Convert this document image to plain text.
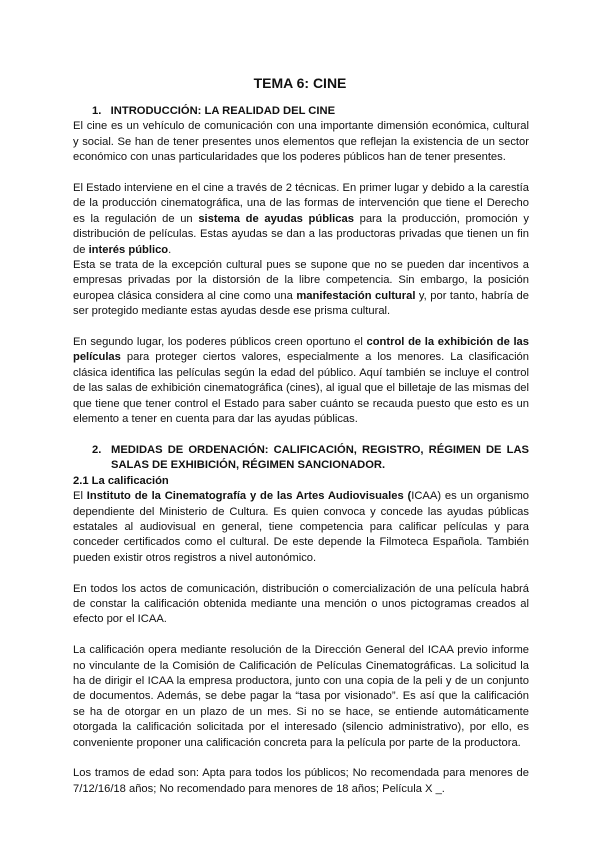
TEMA 6: CINE

1. INTRODUCCIÓN: LA REALIDAD DEL CINE

El cine es un vehículo de comunicación con una importante dimensión económica, cultural y social. Se han de tener presentes unos elementos que reflejan la existencia de un sector económico con unas particularidades que los poderes públicos han de tener presentes.

El Estado interviene en el cine a través de 2 técnicas. En primer lugar y debido a la carestía de la producción cinematográfica, una de las formas de intervención que tiene el Derecho es la regulación de un sistema de ayudas públicas para la producción, promoción y distribución de películas. Estas ayudas se dan a las productoras privadas que tienen un fin de interés público.

Esta se trata de la excepción cultural pues se supone que no se pueden dar incentivos a empresas privadas por la distorsión de la libre competencia. Sin embargo, la posición europea clásica considera al cine como una manifestación cultural y, por tanto, habría de ser protegido mediante estas ayudas desde ese prisma cultural.

En segundo lugar, los poderes públicos creen oportuno el control de la exhibición de las películas para proteger ciertos valores, especialmente a los menores. La clasificación clásica identifica las películas según la edad del público. Aquí también se incluye el control de las salas de exhibición cinematográfica (cines), al igual que el billetaje de las mismas del que tiene que tener control el Estado para saber cuánto se recauda puesto que esto es un elemento a tener en cuenta para dar las ayudas públicas.

2. MEDIDAS DE ORDENACIÓN: CALIFICACIÓN, REGISTRO, RÉGIMEN DE LAS SALAS DE EXHIBICIÓN, RÉGIMEN SANCIONADOR.

2.1 La calificación

El Instituto de la Cinematografía y de las Artes Audiovisuales (ICAA) es un organismo dependiente del Ministerio de Cultura. Es quien convoca y concede las ayudas públicas estatales al audiovisual en general, tiene competencia para calificar películas y para conceder certificados como el cultural. De este depende la Filmoteca Española. También pueden existir otros registros a nivel autonómico.

En todos los actos de comunicación, distribución o comercialización de una película habrá de constar la calificación obtenida mediante una mención o unos pictogramas creados al efecto por el ICAA.

La calificación opera mediante resolución de la Dirección General del ICAA previo informe no vinculante de la Comisión de Calificación de Películas Cinematográficas. La solicitud la ha de dirigir el ICAA la empresa productora, junto con una copia de la peli y de un conjunto de documentos. Además, se debe pagar la “tasa por visionado”. Es así que la calificación se ha de otorgar en un plazo de un mes. Si no se hace, se entiende automáticamente otorgada la calificación solicitada por el interesado (silencio administrativo), por ello, es conveniente proponer una calificación concreta para la película por parte de la productora.

Los tramos de edad son: Apta para todos los públicos; No recomendada para menores de 7/12/16/18 años; No recomendado para menores de 18 años; Película X _.
